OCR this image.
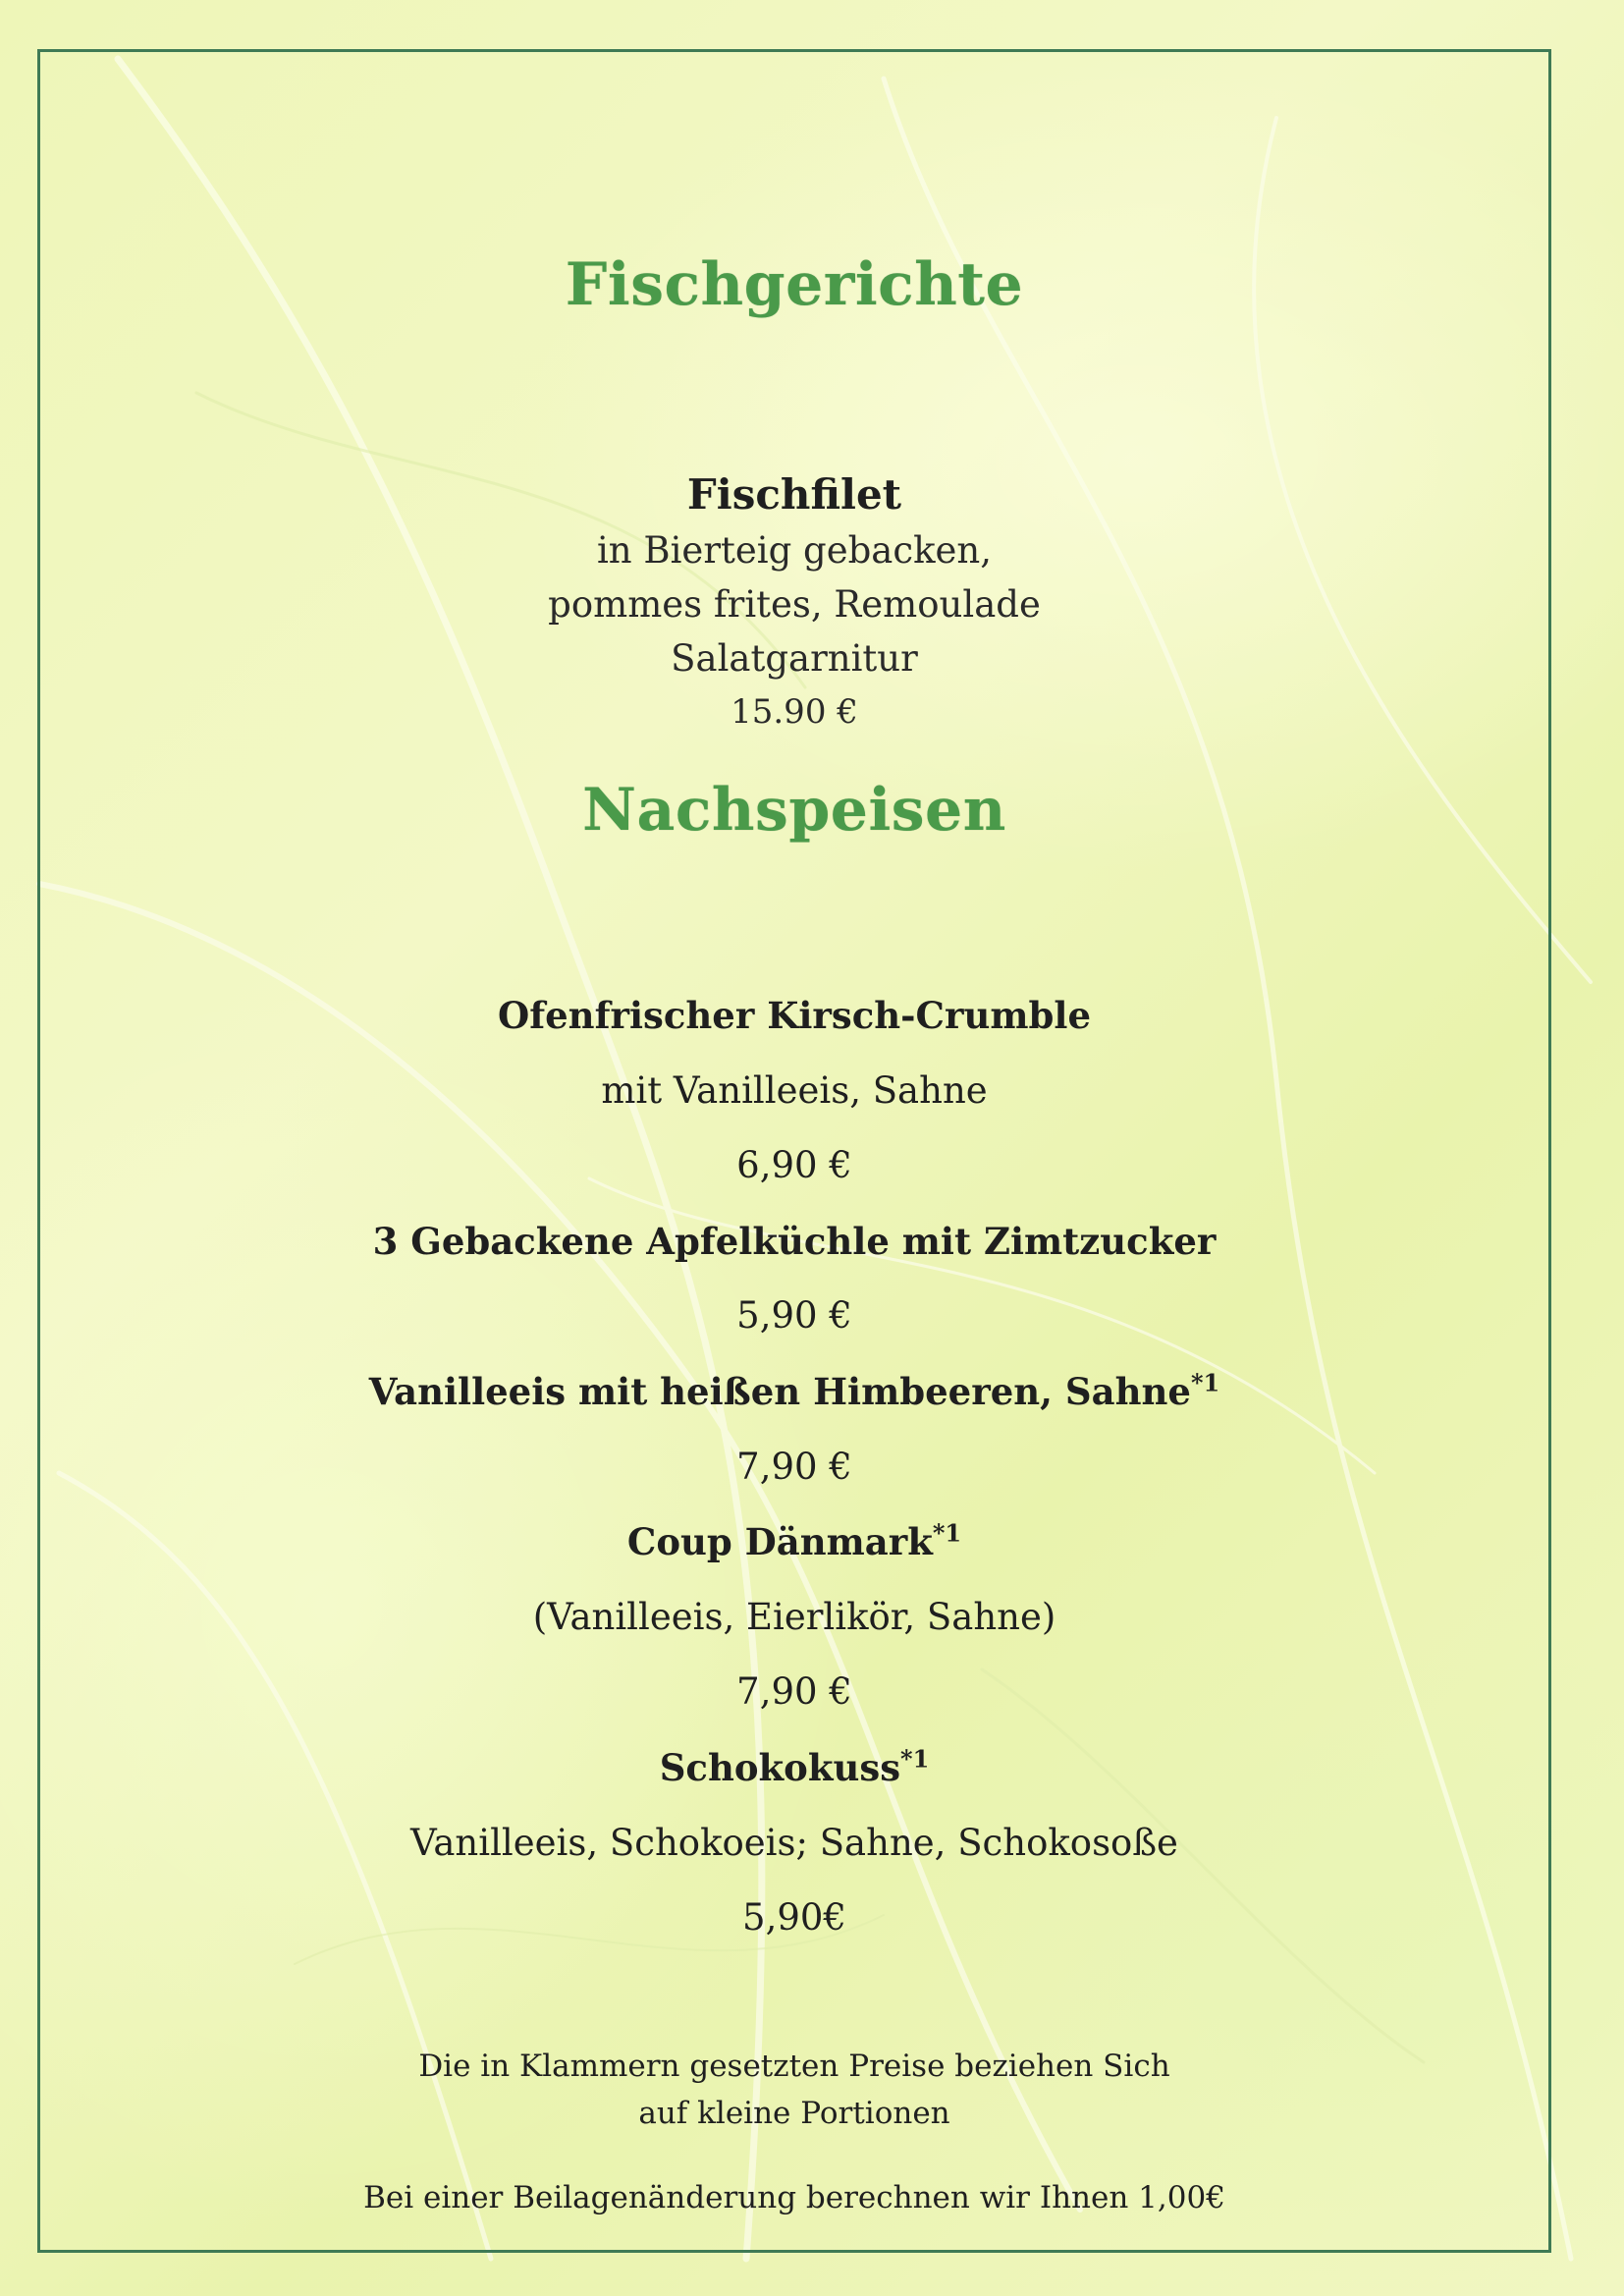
Fischgerichte
Fischfilet
in Bierteig gebacken,
pommes frites, Remoulade
Salatgarnitur
15.90 €
Nachspeisen
Ofenfrischer Kirsch-Crumble
mit Vanilleeis, Sahne
6,90 €
3 Gebackene Apfelküchle mit Zimtzucker
5,90 €
Vanilleeis mit heißen Himbeeren, Sahne$^{*1}$
7,90 €
Coup Dänmark$^{*1}$
(Vanilleeis, Eierlikör, Sahne)
7,90 €
Schokokuss$^{*1}$
Vanilleeis, Schokoeis; Sahne, Schokosoße
5,90€
Die in Klammern gesetzten Preise beziehen Sich
auf kleine Portionen
Bei einer Beilagenänderung berechnen wir Ihnen 1,00€
